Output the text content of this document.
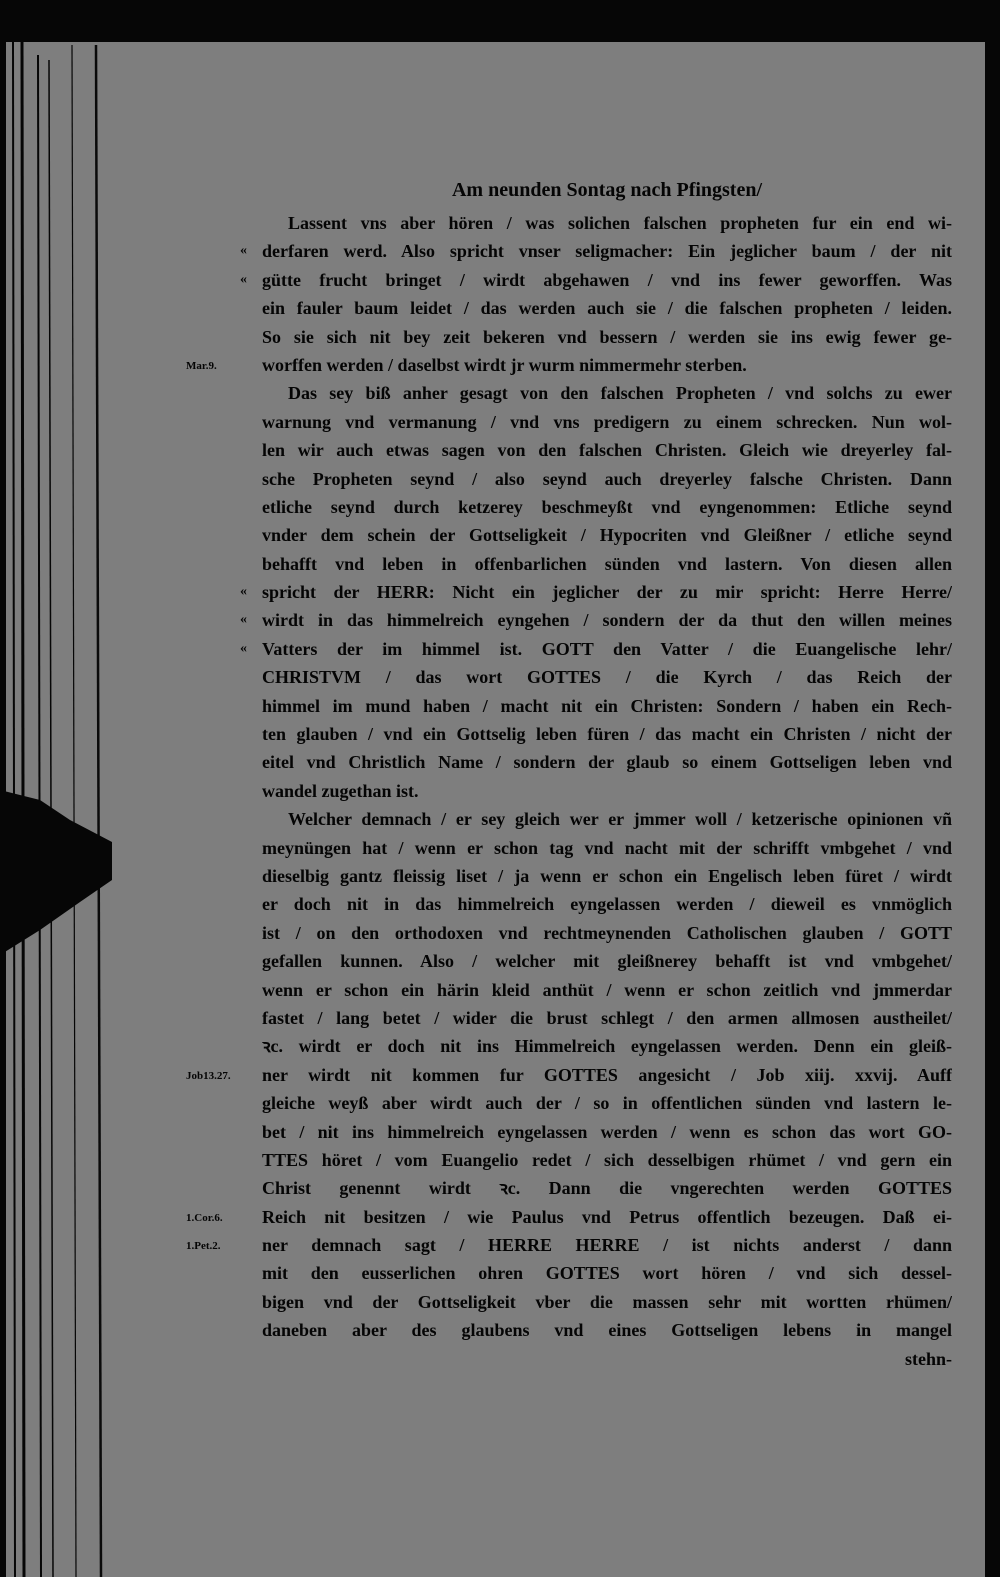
Am neunden Sontag nach Pfingsten/
Lassent vns aber hören / was solichen falschen propheten fur ein end wi-
« derfaren werd. Also spricht vnser seligmacher: Ein jeglicher baum / der nit
« gütte frucht bringet / wirdt abgehawen / vnd ins fewer geworffen. Was
ein fauler baum leidet / das werden auch sie / die falschen propheten / leiden.
So sie sich nit bey zeit bekeren vnd bessern / werden sie ins ewig fewer ge-
Mar.9.	worffen werden / daselbst wirdt jr wurm nimmermehr sterben.
Das sey biß anher gesagt von den falschen Propheten / vnd solchs zu ewer
warnung vnd vermanung / vnd vns predigern zu einem schrecken. Nun wol-
len wir auch etwas sagen von den falschen Christen. Gleich wie dreyerley fal-
sche Propheten seynd / also seynd auch dreyerley falsche Christen. Dann
etliche seynd durch ketzerey beschmeyßt vnd eyngenommen: Etliche seynd
vnder dem schein der Gottseligkeit / Hypocriten vnd Gleißner / etliche seynd
behafft vnd leben in offenbarlichen sünden vnd lastern. Von diesen allen
« spricht der HERR: Nicht ein jeglicher der zu mir spricht: Herre Herre/
« wirdt in das himmelreich eyngehen / sondern der da thut den willen meines
« Vatters der im himmel ist. GOTT den Vatter / die Euangelische lehr/
CHRISTVM / das wort GOTTES / die Kyrch / das Reich der
himmel im mund haben / macht nit ein Christen: Sondern / haben ein Rech-
ten glauben / vnd ein Gottselig leben füren / das macht ein Christen / nicht der
eitel vnd Christlich Name / sondern der glaub so einem Gottseligen leben vnd
wandel zugethan ist.
Welcher demnach / er sey gleich wer er jmmer woll / ketzerische opinionen vñ
meynüngen hat / wenn er schon tag vnd nacht mit der schrifft vmbgehet / vnd
dieselbig gantz fleissig liset / ja wenn er schon ein Engelisch leben füret / wirdt
er doch nit in das himmelreich eyngelassen werden / dieweil es vnmöglich
ist / on den orthodoxen vnd rechtmeynenden Catholischen glauben / GOTT
gefallen kunnen. Also / welcher mit gleißnerey behafft ist vnd vmbgehet/
wenn er schon ein härin kleid anthüt / wenn er schon zeitlich vnd jmmerdar
fastet / lang betet / wider die brust schlegt / den armen allmosen austheilet/
ꝛc. wirdt er doch nit ins Himmelreich eyngelassen werden. Denn ein gleiß-
Job13.27. ner wirdt nit kommen fur GOTTES angesicht / Job xiij. xxvij. Auff
gleiche weyß aber wirdt auch der / so in offentlichen sünden vnd lastern le-
bet / nit ins himmelreich eyngelassen werden / wenn es schon das wort GO-
TTES höret / vom Euangelio redet / sich desselbigen rhümet / vnd gern ein
Christ genennt wirdt ꝛc. Dann die vngerechten werden GOTTES
1.Cor.6. Reich nit besitzen / wie Paulus vnd Petrus offentlich bezeugen. Daß ei-
1.Pet.2. ner demnach sagt / HERRE HERRE / ist nichts anderst / dann
mit den eusserlichen ohren GOTTES wort hören / vnd sich dessel-
bigen vnd der Gottseligkeit vber die massen sehr mit wortten rhümen/
daneben aber des glaubens vnd eines Gottseligen lebens in mangel
stehn-
